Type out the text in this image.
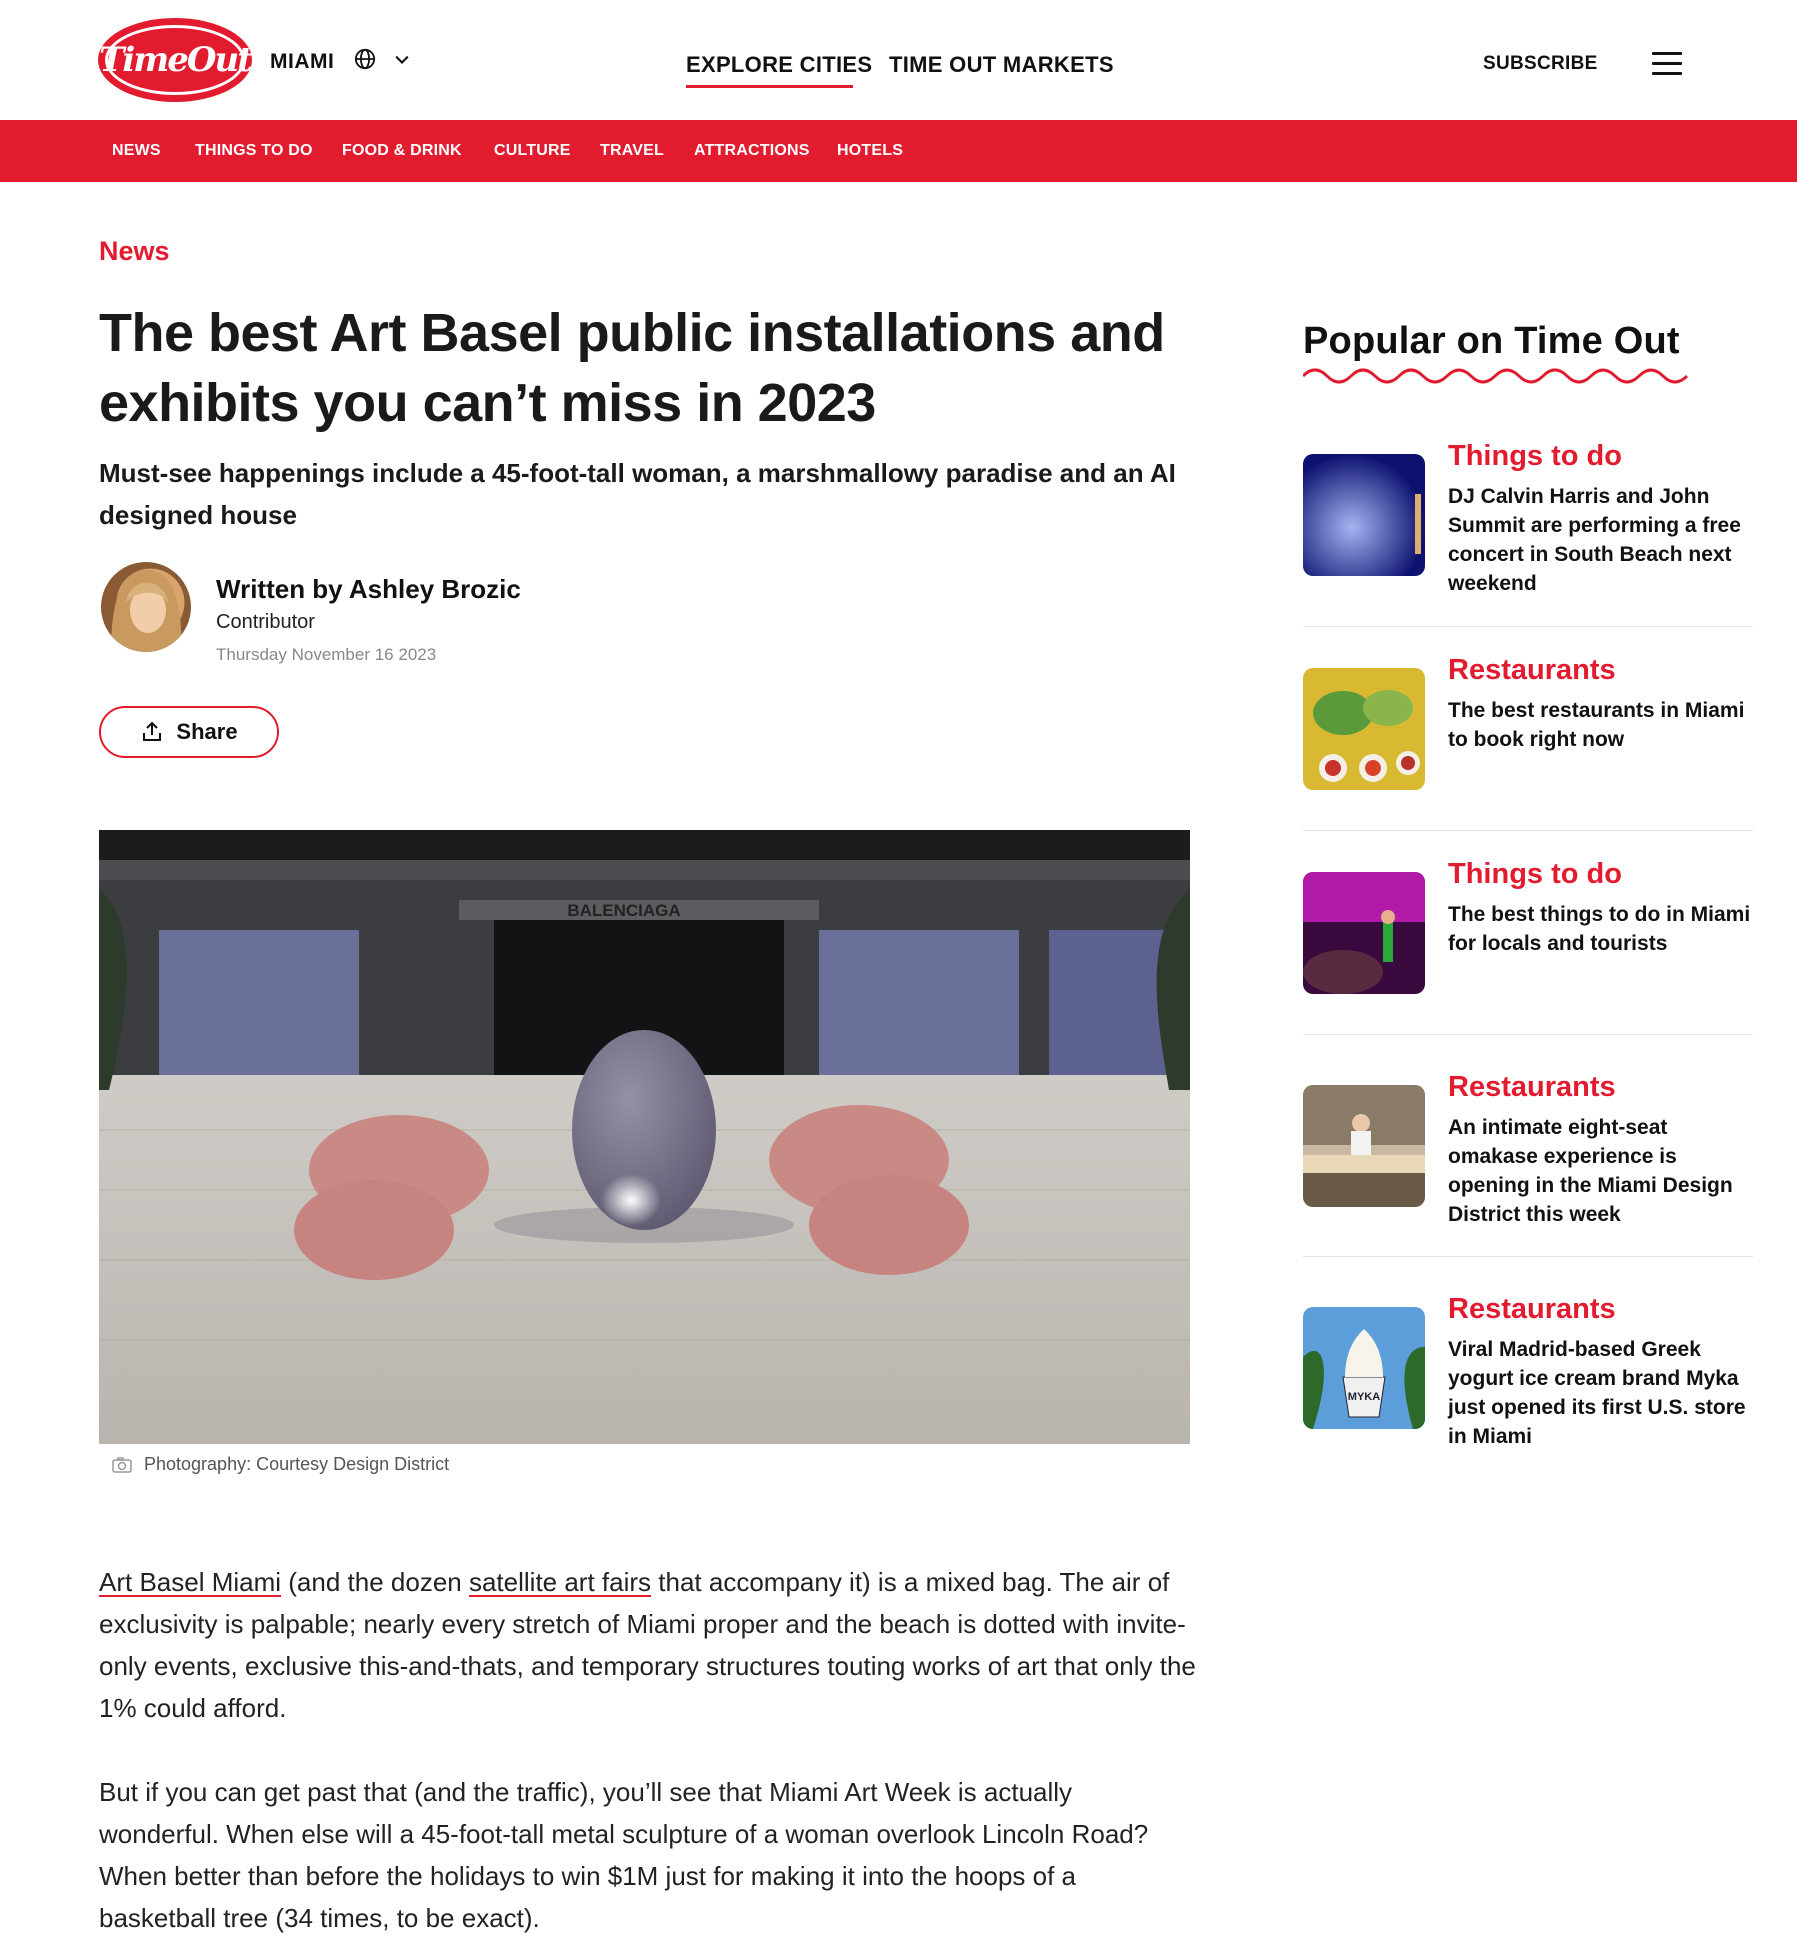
TimeOut MIAMI	EXPLORE CITIES TIME OUT MARKETS	SUBSCRIBE
NEWS THINGS TO DO FOOD & DRINK CULTURE TRAVEL ATTRACTIONS HOTELS
News
The best Art Basel public installations and exhibits you can’t miss in 2023

Must-see happenings include a 45-foot-tall woman, a marshmallowy paradise and an AI designed house

Written by Ashley Brozic
Contributor
Thursday November 16 2023
Share
BALENCIAGA
Photography: Courtesy Design District

Art Basel Miami (and the dozen satellite art fairs that accompany it) is a mixed bag. The air of exclusivity is palpable; nearly every stretch of Miami proper and the beach is dotted with invite-only events, exclusive this-and-thats, and temporary structures touting works of art that only the 1% could afford.

But if you can get past that (and the traffic), you’ll see that Miami Art Week is actually wonderful. When else will a 45-foot-tall metal sculpture of a woman overlook Lincoln Road? When better than before the holidays to win $1M just for making it into the hoops of a basketball tree (34 times, to be exact).

Popular on Time Out
Things to do
DJ Calvin Harris and John Summit are performing a free concert in South Beach next weekend
Restaurants
The best restaurants in Miami to book right now
Things to do
The best things to do in Miami for locals and tourists
Restaurants
An intimate eight-seat omakase experience is opening in the Miami Design District this week
MYKA
Restaurants
Viral Madrid-based Greek yogurt ice cream brand Myka just opened its first U.S. store in Miami
